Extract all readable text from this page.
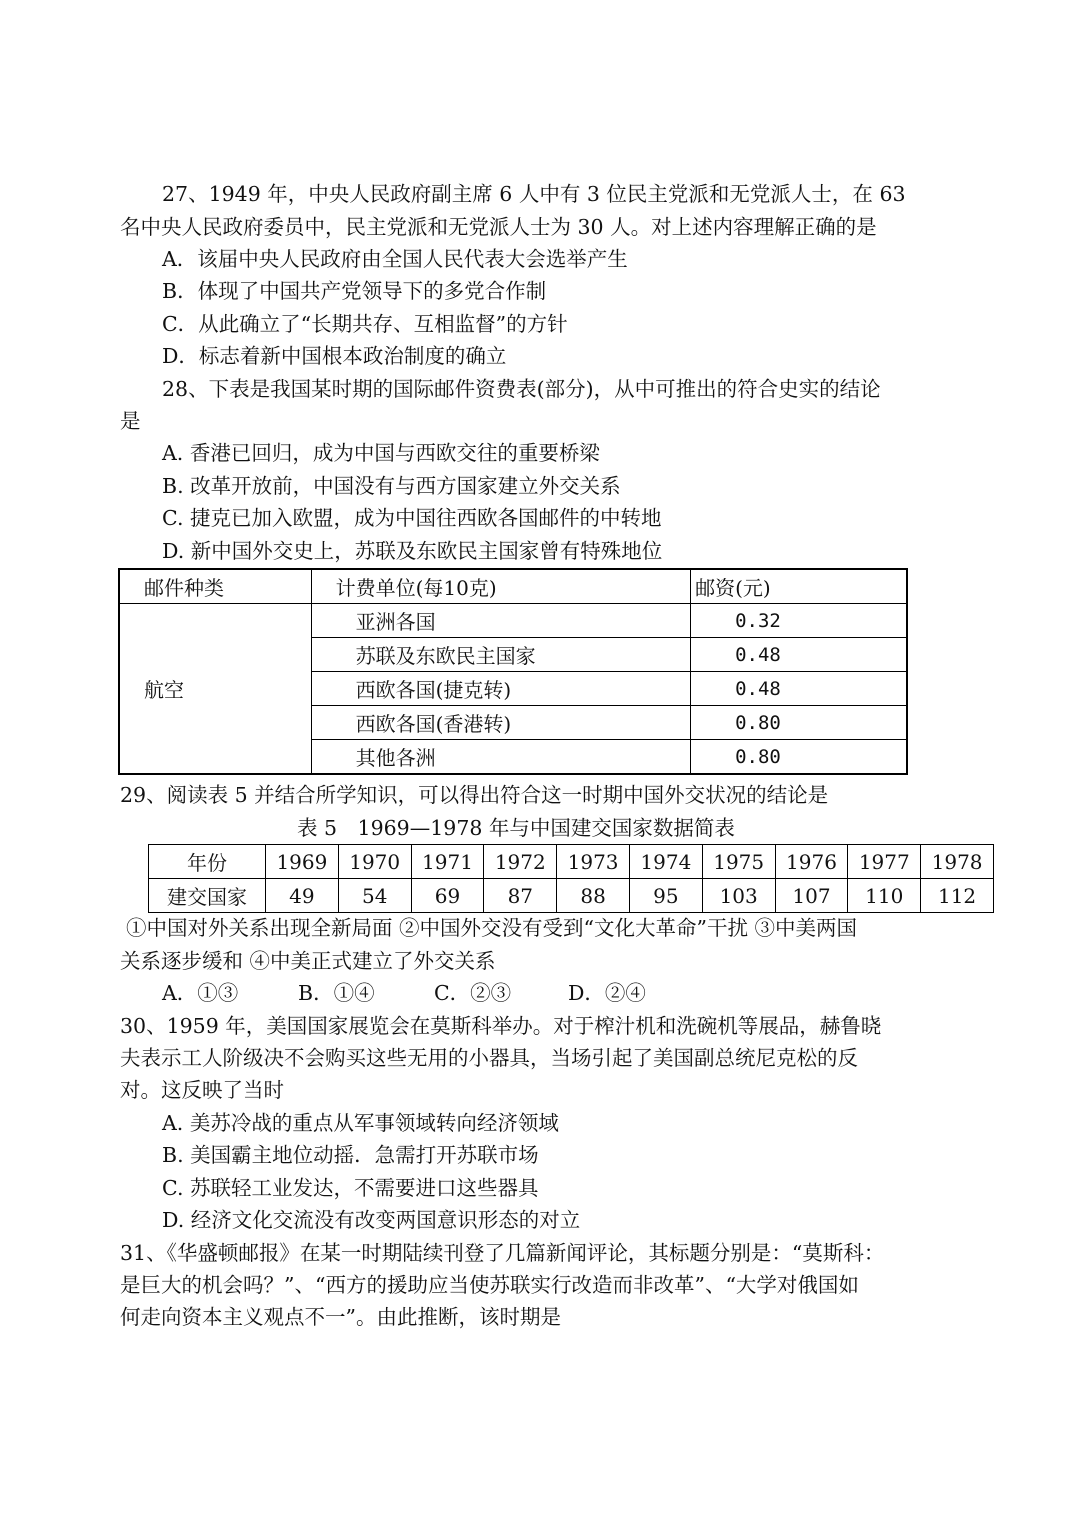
27、1949 年，中央人民政府副主席 6 人中有 3 位民主党派和无党派人士，在 63
名中央人民政府委员中，民主党派和无党派人士为 30 人。对上述内容理解正确的是
A．该届中央人民政府由全国人民代表大会选举产生
B．体现了中国共产党领导下的多党合作制
C．从此确立了“长期共存、互相监督”的方针
D．标志着新中国根本政治制度的确立
28、下表是我国某时期的国际邮件资费表(部分)，从中可推出的符合史实的结论
是
A. 香港已回归，成为中国与西欧交往的重要桥梁
B. 改革开放前，中国没有与西方国家建立外交关系
C. 捷克已加入欧盟，成为中国往西欧各国邮件的中转地
D. 新中国外交史上，苏联及东欧民主国家曾有特殊地位
邮件种类	计费单位(每10克)	邮资(元)
航空	亚洲各国	0.32
	苏联及东欧民主国家	0.48
	西欧各国(捷克转)	0.48
	西欧各国(香港转)	0.80
	其他各洲	0.80
29、阅读表 5 并结合所学知识，可以得出符合这一时期中国外交状况的结论是
表 5　1969—1978 年与中国建交国家数据简表
年份	1969	1970	1971	1972	1973	1974	1975	1976	1977	1978
建交国家	49	54	69	87	88	95	103	107	110	112
①中国对外关系出现全新局面 ②中国外交没有受到“文化大革命”干扰 ③中美两国
关系逐步缓和 ④中美正式建立了外交关系
A．①③	B．①④	C．②③	D．②④
30、1959 年，美国国家展览会在莫斯科举办。对于榨汁机和洗碗机等展品，赫鲁晓
夫表示工人阶级决不会购买这些无用的小器具，当场引起了美国副总统尼克松的反
对。这反映了当时
A. 美苏冷战的重点从军事领域转向经济领域
B. 美国霸主地位动摇．急需打开苏联市场
C. 苏联轻工业发达，不需要进口这些器具
D. 经济文化交流没有改变两国意识形态的对立
31、《华盛顿邮报》在某一时期陆续刊登了几篇新闻评论，其标题分别是：“莫斯科：
是巨大的机会吗？”、“西方的援助应当使苏联实行改造而非改革”、“大学对俄国如
何走向资本主义观点不一”。由此推断，该时期是
